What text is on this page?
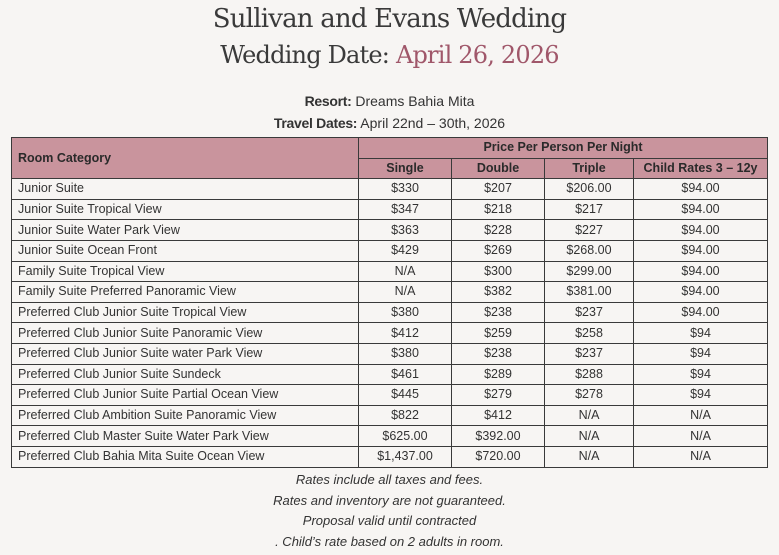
Sullivan and Evans Wedding
Wedding Date: April 26, 2026
Resort: Dreams Bahia Mita
Travel Dates: April 22nd – 30th, 2026
Room Category	Price Per Person Per Night			
	Single	Double	Triple	Child Rates 3 – 12y
Junior Suite	$330	$207	$206.00	$94.00
Junior Suite Tropical View	$347	$218	$217	$94.00
Junior Suite Water Park View	$363	$228	$227	$94.00
Junior Suite Ocean Front	$429	$269	$268.00	$94.00
Family Suite Tropical View	N/A	$300	$299.00	$94.00
Family Suite Preferred Panoramic View	N/A	$382	$381.00	$94.00
Preferred Club Junior Suite Tropical View	$380	$238	$237	$94.00
Preferred Club Junior Suite Panoramic View	$412	$259	$258	$94
Preferred Club Junior Suite water Park View	$380	$238	$237	$94
Preferred Club Junior Suite Sundeck	$461	$289	$288	$94
Preferred Club Junior Suite Partial Ocean View	$445	$279	$278	$94
Preferred Club Ambition Suite Panoramic View	$822	$412	N/A	N/A
Preferred Club Master Suite Water Park View	$625.00	$392.00	N/A	N/A
Preferred Club Bahia Mita Suite Ocean View	$1,437.00	$720.00	N/A	N/A
Rates include all taxes and fees.
Rates and inventory are not guaranteed.
Proposal valid until contracted
. Child’s rate based on 2 adults in room.
